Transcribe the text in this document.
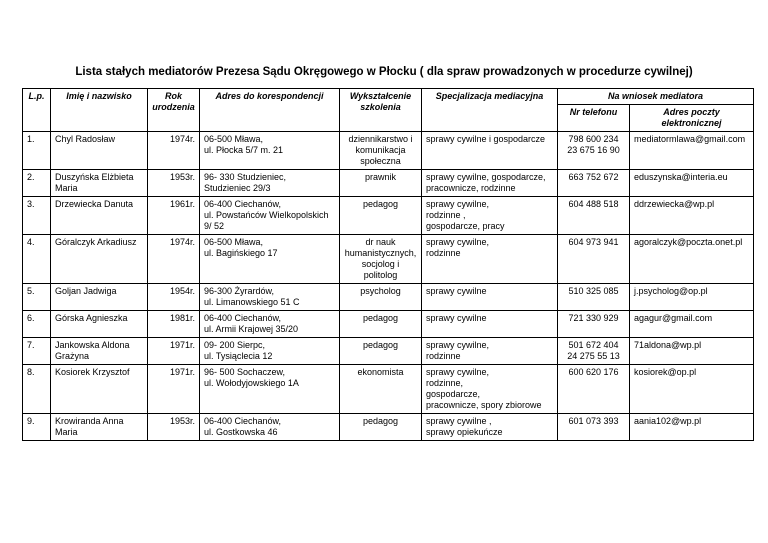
Lista stałych mediatorów Prezesa Sądu Okręgowego w Płocku ( dla spraw prowadzonych w procedurze cywilnej)
L.p.	Imię i nazwisko	Rok urodzenia	Adres do korespondencji	Wykształcenie szkolenia	Specjalizacja mediacyjna	Na wniosek mediatora	
						Nr telefonu	Adres poczty elektronicznej
1.	Chyl Radosław	1974r.	06-500 Mława,
ul. Płocka 5/7 m. 21	dziennikarstwo i komunikacja społeczna	sprawy cywilne i gospodarcze	798 600 234
23 675 16 90	mediatormlawa@gmail.com
2.	Duszyńska Elżbieta Maria	1953r.	96- 330 Studzieniec,
Studzieniec 29/3	prawnik	sprawy cywilne, gospodarcze, pracownicze, rodzinne	663 752 672	eduszynska@interia.eu
3.	Drzewiecka Danuta	1961r.	06-400 Ciechanów,
ul. Powstańców Wielkopolskich 9/ 52	pedagog	sprawy cywilne,
rodzinne ,
gospodarcze, pracy	604 488 518	ddrzewiecka@wp.pl
4.	Góralczyk Arkadiusz	1974r.	06-500 Mława,
ul. Bagińskiego 17	dr nauk humanistycznych, socjolog i politolog	sprawy cywilne,
rodzinne	604 973 941	agoralczyk@poczta.onet.pl
5.	Goljan Jadwiga	1954r.	96-300 Żyrardów,
ul. Limanowskiego 51 C	psycholog	sprawy cywilne	510 325 085	j.psycholog@op.pl
6.	Górska Agnieszka	1981r.	06-400 Ciechanów,
ul. Armii Krajowej 35/20	pedagog	sprawy cywilne	721 330 929	agagur@gmail.com
7.	Jankowska Aldona Grażyna	1971r.	09- 200 Sierpc,
ul. Tysiąclecia 12	pedagog	sprawy cywilne,
rodzinne	501 672 404
24 275 55 13	71aldona@wp.pl
8.	Kosiorek Krzysztof	1971r.	96- 500 Sochaczew,
ul. Wołodyjowskiego 1A	ekonomista	sprawy cywilne,
rodzinne,
gospodarcze,
pracownicze, spory zbiorowe	600 620 176	kosiorek@op.pl
9.	Krowiranda Anna Maria	1953r.	06-400 Ciechanów,
ul. Gostkowska 46	pedagog	sprawy cywilne ,
sprawy opiekuńcze	601 073 393	aania102@wp.pl
